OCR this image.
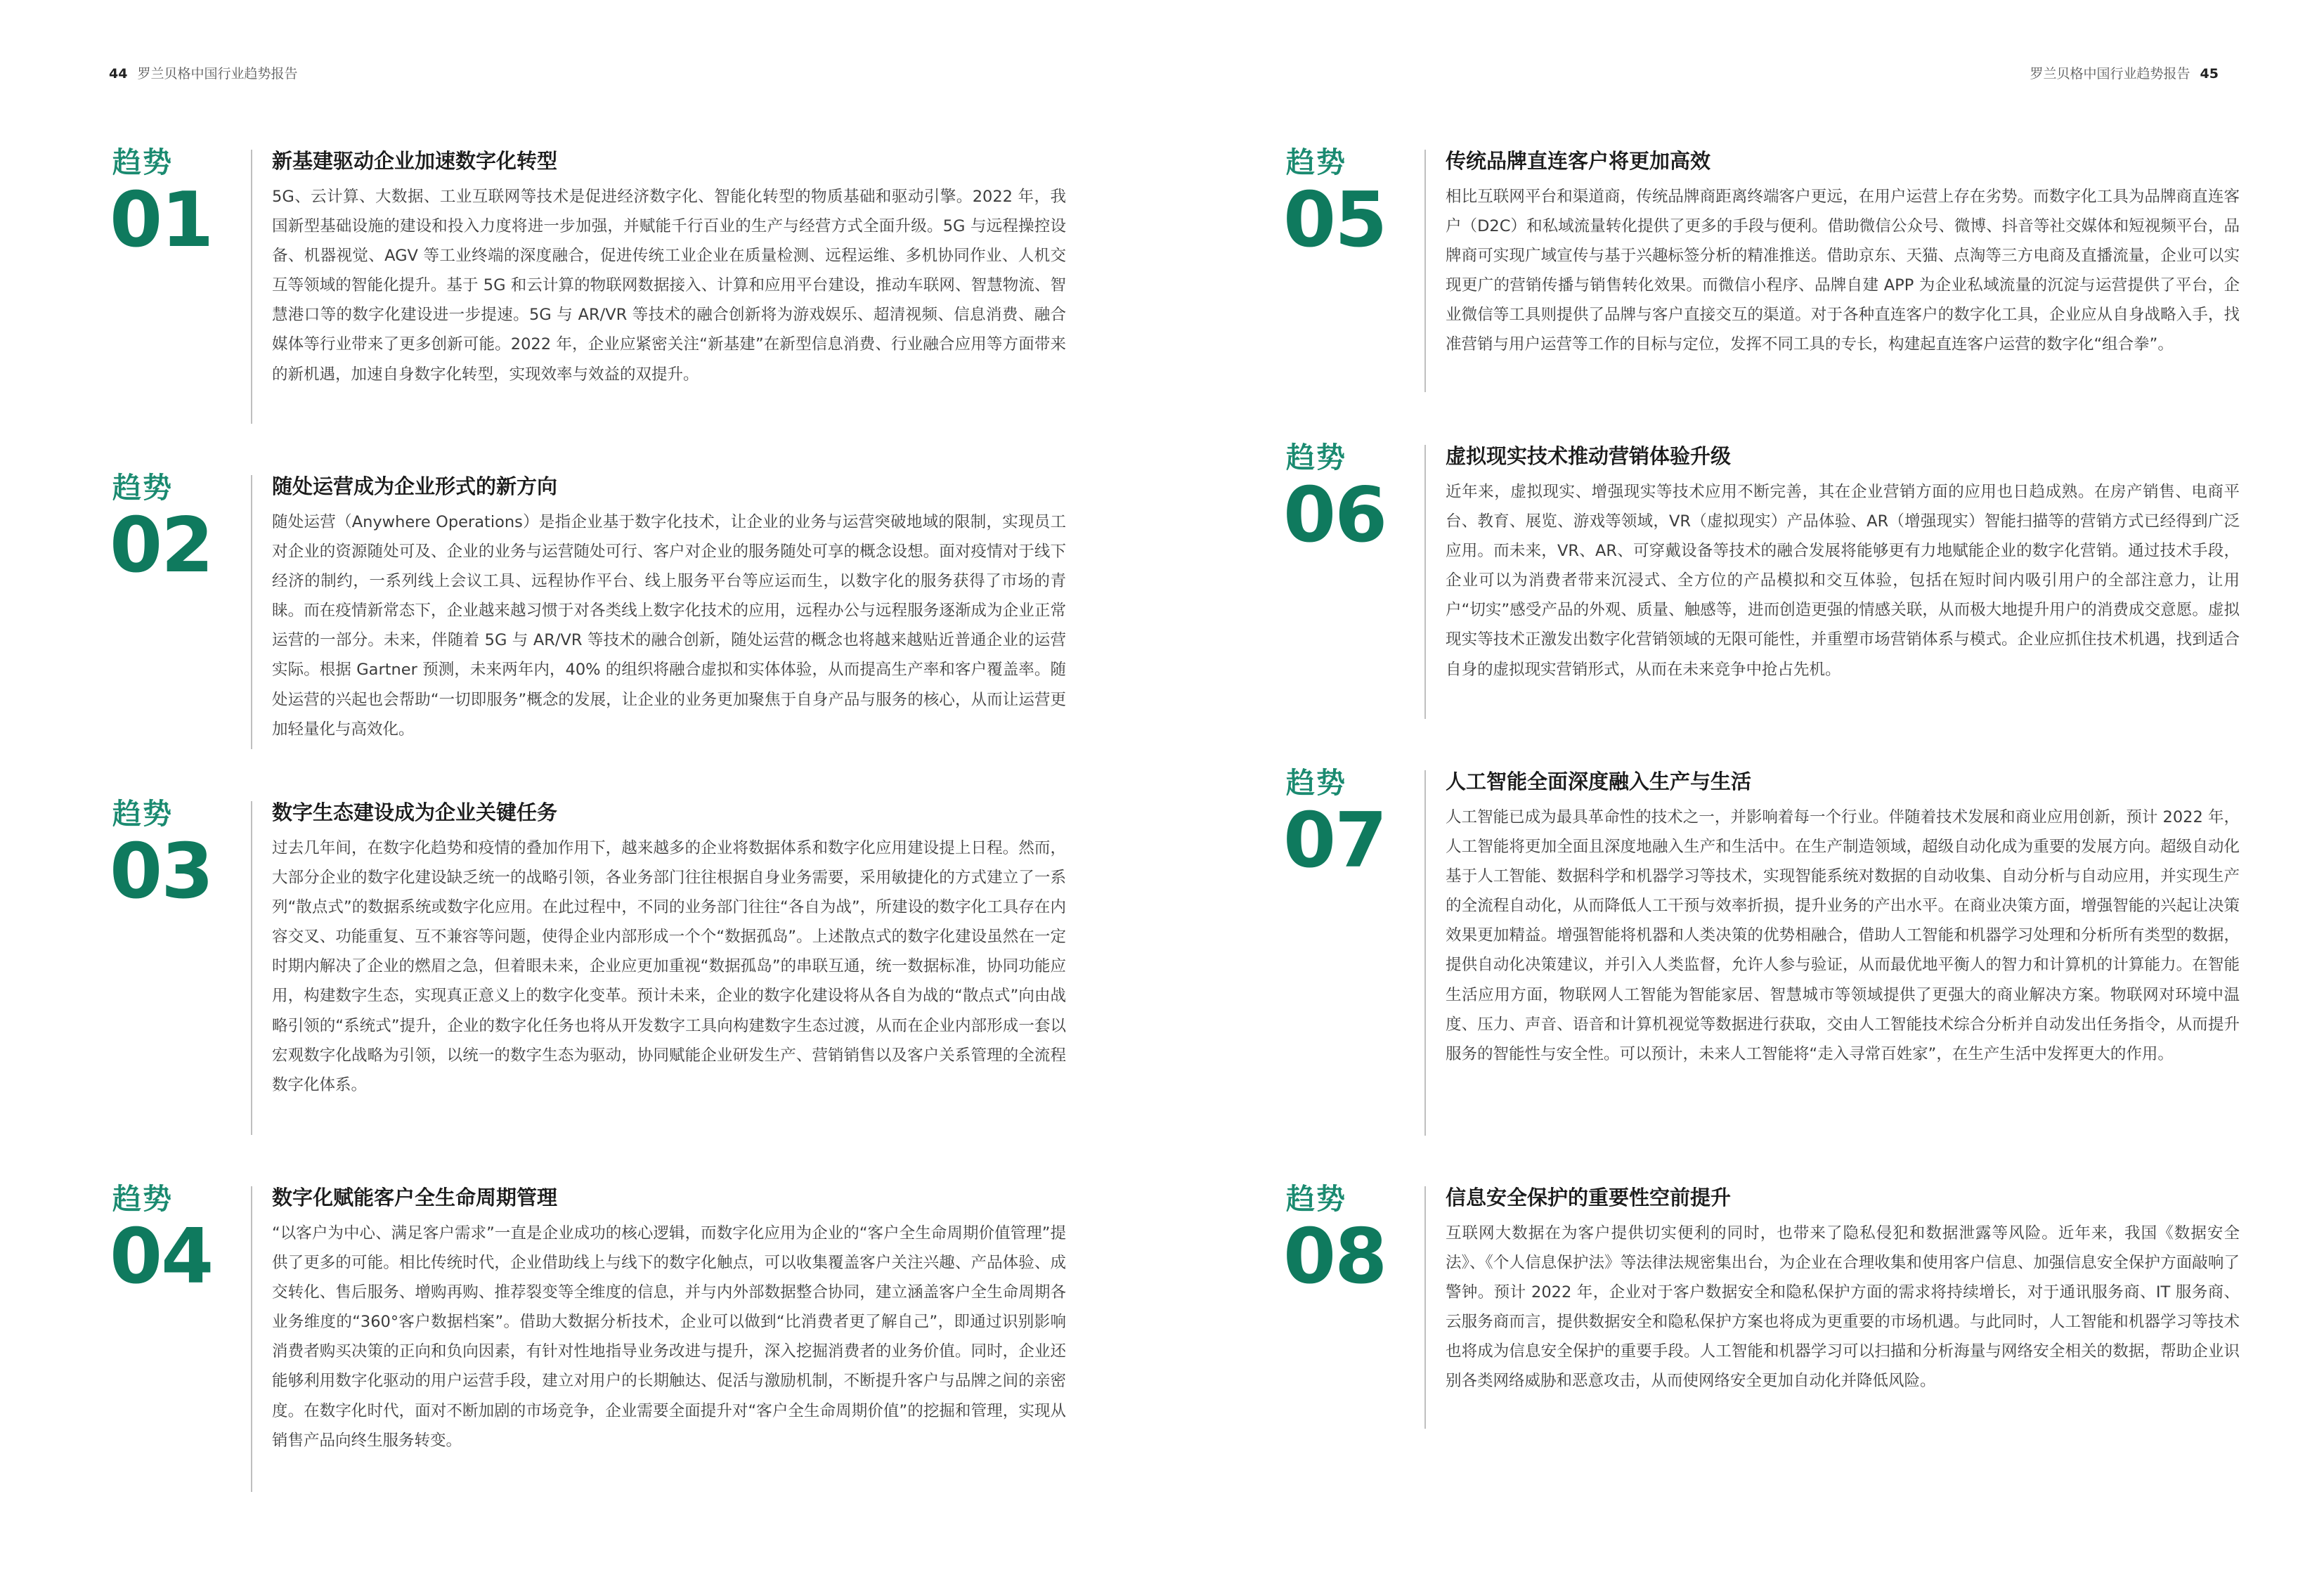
44 罗兰贝格中国行业趋势报告
趋势
01
新基建驱动企业加速数字化转型
5G、云计算、大数据、工业互联网等技术是促进经济数字化、智能化转型的物质基础和驱动引擎。2022 年，我国新型基础设施的建设和投入力度将进一步加强，并赋能千行百业的生产与经营方式全面升级。5G 与远程操控设备、机器视觉、AGV 等工业终端的深度融合，促进传统工业企业在质量检测、远程运维、多机协同作业、人机交互等领域的智能化提升。基于 5G 和云计算的物联网数据接入、计算和应用平台建设，推动车联网、智慧物流、智慧港口等的数字化建设进一步提速。5G 与 AR/VR 等技术的融合创新将为游戏娱乐、超清视频、信息消费、融合媒体等行业带来了更多创新可能。2022 年，企业应紧密关注“新基建”在新型信息消费、行业融合应用等方面带来的新机遇，加速自身数字化转型，实现效率与效益的双提升。
趋势
02
随处运营成为企业形式的新方向
随处运营（Anywhere Operations）是指企业基于数字化技术，让企业的业务与运营突破地域的限制，实现员工对企业的资源随处可及、企业的业务与运营随处可行、客户对企业的服务随处可享的概念设想。面对疫情对于线下经济的制约，一系列线上会议工具、远程协作平台、线上服务平台等应运而生，以数字化的服务获得了市场的青睐。而在疫情新常态下，企业越来越习惯于对各类线上数字化技术的应用，远程办公与远程服务逐渐成为企业正常运营的一部分。未来，伴随着 5G 与 AR/VR 等技术的融合创新，随处运营的概念也将越来越贴近普通企业的运营实际。根据 Gartner 预测，未来两年内，40% 的组织将融合虚拟和实体体验，从而提高生产率和客户覆盖率。随处运营的兴起也会帮助“一切即服务”概念的发展，让企业的业务更加聚焦于自身产品与服务的核心，从而让运营更加轻量化与高效化。
趋势
03
数字生态建设成为企业关键任务
过去几年间，在数字化趋势和疫情的叠加作用下，越来越多的企业将数据体系和数字化应用建设提上日程。然而，大部分企业的数字化建设缺乏统一的战略引领，各业务部门往往根据自身业务需要，采用敏捷化的方式建立了一系列“散点式”的数据系统或数字化应用。在此过程中，不同的业务部门往往“各自为战”，所建设的数字化工具存在内容交叉、功能重复、互不兼容等问题，使得企业内部形成一个个“数据孤岛”。上述散点式的数字化建设虽然在一定时期内解决了企业的燃眉之急，但着眼未来，企业应更加重视“数据孤岛”的串联互通，统一数据标准，协同功能应用，构建数字生态，实现真正意义上的数字化变革。预计未来，企业的数字化建设将从各自为战的“散点式”向由战略引领的“系统式”提升，企业的数字化任务也将从开发数字工具向构建数字生态过渡，从而在企业内部形成一套以宏观数字化战略为引领，以统一的数字生态为驱动，协同赋能企业研发生产、营销销售以及客户关系管理的全流程数字化体系。
趋势
04
数字化赋能客户全生命周期管理
“以客户为中心、满足客户需求”一直是企业成功的核心逻辑，而数字化应用为企业的“客户全生命周期价值管理”提供了更多的可能。相比传统时代，企业借助线上与线下的数字化触点，可以收集覆盖客户关注兴趣、产品体验、成交转化、售后服务、增购再购、推荐裂变等全维度的信息，并与内外部数据整合协同，建立涵盖客户全生命周期各业务维度的“360°客户数据档案”。借助大数据分析技术，企业可以做到“比消费者更了解自己”，即通过识别影响消费者购买决策的正向和负向因素，有针对性地指导业务改进与提升，深入挖掘消费者的业务价值。同时，企业还能够利用数字化驱动的用户运营手段，建立对用户的长期触达、促活与激励机制，不断提升客户与品牌之间的亲密度。在数字化时代，面对不断加剧的市场竞争，企业需要全面提升对“客户全生命周期价值”的挖掘和管理，实现从销售产品向终生服务转变。
罗兰贝格中国行业趋势报告 45
趋势
05
传统品牌直连客户将更加高效
相比互联网平台和渠道商，传统品牌商距离终端客户更远，在用户运营上存在劣势。而数字化工具为品牌商直连客户（D2C）和私域流量转化提供了更多的手段与便利。借助微信公众号、微博、抖音等社交媒体和短视频平台，品牌商可实现广域宣传与基于兴趣标签分析的精准推送。借助京东、天猫、点淘等三方电商及直播流量，企业可以实现更广的营销传播与销售转化效果。而微信小程序、品牌自建 APP 为企业私域流量的沉淀与运营提供了平台，企业微信等工具则提供了品牌与客户直接交互的渠道。对于各种直连客户的数字化工具，企业应从自身战略入手，找准营销与用户运营等工作的目标与定位，发挥不同工具的专长，构建起直连客户运营的数字化“组合拳”。
趋势
06
虚拟现实技术推动营销体验升级
近年来，虚拟现实、增强现实等技术应用不断完善，其在企业营销方面的应用也日趋成熟。在房产销售、电商平台、教育、展览、游戏等领域，VR（虚拟现实）产品体验、AR（增强现实）智能扫描等的营销方式已经得到广泛应用。而未来，VR、AR、可穿戴设备等技术的融合发展将能够更有力地赋能企业的数字化营销。通过技术手段，企业可以为消费者带来沉浸式、全方位的产品模拟和交互体验，包括在短时间内吸引用户的全部注意力，让用户“切实”感受产品的外观、质量、触感等，进而创造更强的情感关联，从而极大地提升用户的消费成交意愿。虚拟现实等技术正激发出数字化营销领域的无限可能性，并重塑市场营销体系与模式。企业应抓住技术机遇，找到适合自身的虚拟现实营销形式，从而在未来竞争中抢占先机。
趋势
07
人工智能全面深度融入生产与生活
人工智能已成为最具革命性的技术之一，并影响着每一个行业。伴随着技术发展和商业应用创新，预计 2022 年，人工智能将更加全面且深度地融入生产和生活中。在生产制造领域，超级自动化成为重要的发展方向。超级自动化基于人工智能、数据科学和机器学习等技术，实现智能系统对数据的自动收集、自动分析与自动应用，并实现生产的全流程自动化，从而降低人工干预与效率折损，提升业务的产出水平。在商业决策方面，增强智能的兴起让决策效果更加精益。增强智能将机器和人类决策的优势相融合，借助人工智能和机器学习处理和分析所有类型的数据，提供自动化决策建议，并引入人类监督，允许人参与验证，从而最优地平衡人的智力和计算机的计算能力。在智能生活应用方面，物联网人工智能为智能家居、智慧城市等领域提供了更强大的商业解决方案。物联网对环境中温度、压力、声音、语音和计算机视觉等数据进行获取，交由人工智能技术综合分析并自动发出任务指令，从而提升服务的智能性与安全性。可以预计，未来人工智能将“走入寻常百姓家”，在生产生活中发挥更大的作用。
趋势
08
信息安全保护的重要性空前提升
互联网大数据在为客户提供切实便利的同时，也带来了隐私侵犯和数据泄露等风险。近年来，我国《数据安全法》、《个人信息保护法》等法律法规密集出台，为企业在合理收集和使用客户信息、加强信息安全保护方面敲响了警钟。预计 2022 年，企业对于客户数据安全和隐私保护方面的需求将持续增长，对于通讯服务商、IT 服务商、云服务商而言，提供数据安全和隐私保护方案也将成为更重要的市场机遇。与此同时，人工智能和机器学习等技术也将成为信息安全保护的重要手段。人工智能和机器学习可以扫描和分析海量与网络安全相关的数据，帮助企业识别各类网络威胁和恶意攻击，从而使网络安全更加自动化并降低风险。
